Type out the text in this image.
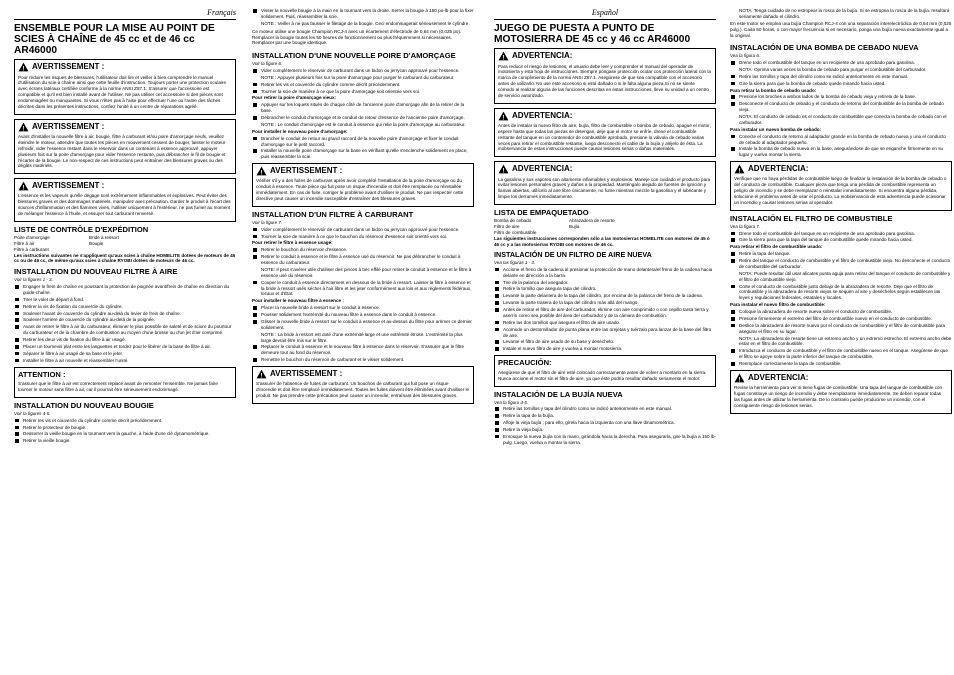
Français
ENSEMBLE POUR LA MISE AU POINT DE SCIES À CHAÎNE de 45 cc et de 46 cc AR46000
! AVERTISSEMENT :

Pour réduire les risques de blessures, l'utilisateur doit lire et veiller à bien comprendre le manuel d'utilisation du scie à chaîne ainsi que cette feuille d'instruction. Toujours porter une protection oculaire avec écrans latéraux certifiée conforme à la norme ANSI Z87.1. S'assurer que l'accessoire est compatible et qu'il est bien installé avant de l'utiliser. Ne pas utiliser cet accessoire si des pièces sont endommagées ou manquantes. Si vous n'êtes pas à l'aise pour effectuer l'une ou l'autre des tâches décrites dans les présentes instructions, confiez l'unité à un centre de réparations agréé.

! AVERTISSEMENT :

Avant d'installer la nouvelle filtre à air, bougie, filtre à carburant et/ou poire d'amorçage neufs, veuillez éteindre le moteur, attendre que toutes les pièces en mouvement cessent de bouger, laisser le moteur refroidir, vider l'essence restant dans le réservoir dans un contenant à essence approuvé, appuyer plusieurs fois sur la poire d'amorçage pour vider l'essence restante, puis débrancher le fil de bougie et l'écarter de la bougie. Le non-respect de ces instructions peut entraîner des blessures graves ou des dégâts matériels.

! AVERTISSEMENT :

L'essence et les vapeurs qu'elle dégage sont extrêmement inflammables et explosives. Peut éviter des blessures graves et des dommages matériels, manipulez avec précaution. Garder le produit à l'écart des sources d'inflammation et des flammes vives, l'utiliser uniquement à l'extérieur, ne pas fumer au moment de mélanger l'essence à l'huile, et essuyer tout carburant renversé.

LISTE DE CONTRÔLE D'EXPÉDITION
Poire d'amorçage	Bride à ressort
Filtre à air	Bougie
Filtre à carburant

Les instructions suivantes ne s'appliquent qu'aux scies à chaîne HOMELITE dotées de moteurs de 45 cc ou de 46 cc, de même qu'aux scies à chaîne RYOBI dotées de moteurs de 46 cc.

INSTALLATION DU NOUVEAU FILTRE À AIRE
Voir la figures 1 - 3.
Engager le frein de chaîne en poussant la protection de poignée avant/frein de chaîne en direction du guide-chaîne.
Tirer le volet de départ à fond.
Retirer la vis de fixation du couvercle du cylindre.
Soulever l'avant de couvercle du cylindre au-delà du levier de frein de chaîne.
Soulever l'arrière de couvercle du cylindre au-delà de la poignée.
Avant de retirer le filtre à air du carburateur, éliminer le plus possible de saleté et de sciure du pourtour du carburateur et de la chambre de combustion au moyen d'une brosse ou d'un jet d'air comprimé.
Retirer les deux vis de fixation du filtre à air usagé.
Placer un tournevis plat entre les languettes et tordez pour le libérer de la base de filtre à air.
Séparer le filtre à air usagé de sa base et le jeter.
Installer le filtre à air nouvelle et réassembler l'unité.
ATTENTION :

S'assurer que le filtre à air est correctement replacé avant de remonter l'ensemble. Ne jamais faire tourner le moteur sans filtre à air, car il pourrait être sérieusement endommagé.

INSTALLATION DU NOUVEAU BOUGIE
Voir la figures 4-5.
Retirer les vis et couvercle du cylindre comme décrit précédemment.
Retirer le protecteur de bougie.
Desserrer la vieille bougie en la tournant vers la gauche, à l'aide d'une clé dynamométrique.
Retirer la vieille bougie.
Visser la nouvelle bougie à la main en la tournant vers la droite. Serrer la bougie à 150 po-lb pour la fixer solidement. Puis, réassembler la scie.

NOTE : Veiller à ne pas fausser le filetage de la bougie. Ceci endommagerait sérieusement le cylindre.

Ce moteur utilise une bougie Champion RCJ-4 avec un écartement d'électrode de 0,64 mm (0,025 po). Remplacer la bougie toutes les 50 heures de fonctionnement ou plus fréquemment si nécessaires. Remplacer par une bougie identique.

INSTALLATION D'UNE NOUVELLE POIRE D'AMORÇAGE
Voir la figure 6.
Vider complètement le réservoir de carburant dans un bidon ou jerrycan approuvé pour l'essence.

NOTE : Appuyer plusieurs fois sur la poire d'amorçage pour purger le carburant du carburateur.

Retirer les vis et couvercle du cylindre comme décrit précédemment.
Tourner la scie de manière à ce que la poire d'amorçage soit orientée vers soi.
Pour retirer la poire d'amorçage vieux:
Appuyer sur les loquets situés de chaque côté de l'ancienne poire d'amorçage afin de la retirer de la base.
Débrancher le conduit d'amorçage et le conduit de retour d'essence de l'ancienne poire d'amorçage.

NOTE : Le conduit d'amorçage est le conduit à essence qui relie la poire d'amorçage au carburateur.

Pour installer le nouveau poire d'amorçage:
Brancher le conduit de retour au grand raccord de la nouvelle poire d'amorçage et fixer le conduit d'amorçage sur le petit raccord.
Installer la nouvelle poire d'amorçage sur la base en vérifiant qu'elle s'enclenche solidement en place, puis réassembler la scie.
! AVERTISSEMENT :

Vérifier s'il y a des fuites de carburant après avoir complété l'installation de la poire d'amorçage ou du conduit à essence. Toute pièce qui fuit pose un risque d'incendie et doit être remplacée ou réinstallée immédiatement. En cas de fuite, corriger le problème avant d'utiliser le produit. Ne pas respecter cette directive peut causer un incendie susceptible d'entraîner des blessures graves.

INSTALLATION D'UN FILTRE À CARBURANT
Voir la figure 7.
Vider complètement le réservoir de carburant dans un bidon ou jerrycan approuvé pour l'essence.
Tourner la scie de manière à ce que le bouchon du réservoir d'essence soit orienté vers soi.
Pour retirer le filtre à essence usagé:
Retirer le bouchon du réservoir d'essence.
Retirer le conduit à essence et le filtre à essence usé du réservoir. Ne pas débrancher le conduit à essence du carburateur.

NOTE: Il peut s'avérer utile d'utiliser des pinces à bec effilé pour retirer le conduit à essence et le filtre à essence usé du réservoir.

Couper le conduit à essence directement en dessous de la bride à ressort. Laisser la filtre à essence et la bride à ressort usés sécher à l'air libre et les jeter conformément aux lois et aux règlements fédéraux, locaux et d'État.
Pour installer le nouveau filtre à essence :
Placer la nouvelle bride à ressort sur le conduit à essence.
Pousser solidement l'extrémité du nouveau filtre à essence dans le conduit à essence.
Glisser la nouvelle bride à ressort sur le conduit à essence et au-dessus du filtre pour arrimer ce dernier solidement.

NOTE : La bride à ressort est doté d'une extrémité large et une extrémité étroite. L'extrémité la plus large devrait être mis sur le filtre.

Replacer le conduit à essence et le nouveau filtre à essence dans le réservoir. S'assurer que le filtre demeure tout au fond du réservoir.
Remettre le bouchon du réservoir de carburant et le visser solidement.
! AVERTISSEMENT :

S'assurer de l'absence de fuites de carburant. Un bouchon de carburant qui fuit pose un risque d'incendie et doit être remplacé immédiatement. Toutes les fuites doivent être éliminées avant d'utiliser le produit. Ne pas prendre cette précaution peut causer un incendie, entraînant des blessures graves.

Español
JUEGO DE PUESTA A PUNTO DE MOTOSIERRA DE 45 cc y 46 cc AR46000
! ADVERTENCIA:

Para reducir el riesgo de lesiones, el usuario debe leer y comprender el manual del operador de motosierra y esta hoja de instrucciones. Siempre póngase protección ocular con protección lateral con la marca de cumplimiento de la norma ANSI Z87.1. Asegúrese de que sea compatible con el accesorio antes de utilizarlo. No use este accesorio si está dañado o si le falta alguna pieza.Si no se siente cómodo al realizar alguna de las funciones descritas en estas instrucciones, lleve su unidad a un centro de servicio autorizado.

! ADVERTENCIA:

Antes de instalar la nuevo filtro de aire, bujía, filtro de combustible o bomba de cebado, apague el motor, espere hasta que todas las piezas se detengan, deje que el motor se enfríe, drene el combustible restante del tanque en un contenedor de combustible aprobado, presione la válvula de cebado varias veces para retirar el combustible restante, luego desconecte el cable de la bujía y aléjelo de ésta. La inobservancia de estas instrucciones puede causar lesiones serias o daños materiales.

! ADVERTENCIA:

La gasolina y sus vapores son altamente inflamables y explosivos. Maneje con cuidado el producto para evitar lesiones personales graves y daños a la propiedad. Manténgalo alejado de fuentes de ignición y llamas abiertas, utilícelo al aire libre únicamente, no fume mientras mezcle la gasolina y el lubricante y limpie los derrames inmediatamente.

LISTA DE EMPAQUETADO
Bomba de cebado	Abrazadera de resorte
Filtro de aire	Bujía
Filtro de combustible

Las siguientes instrucciones corresponden sólo a las motosierras HOMELITE con motores de 45 ó 46 cc y a las motosierras RYOBI con motores de 46 cc.

INSTALACIÓN DE UN FILTRO DE AIRE NUEVA
Vea las figuras 1 - 3.
Accione el freno de la cadena al presionar la protección de mano delantera/el freno de la cadena hacia delante en dirección a la barra.
Tire de la palanca del anegador.
Retire la tornillo que asegura tapa del cilindro.
Levante la parte delantera de la tapa del cilindro, por encima de la palanca del freno de la cadena.
Levante la parte trasera de la tapa del cilindro más allá del mango.
Antes de retirar el filtro de aire del carburador, elimine con aire comprimido o con cepillo tanta tierra y aserrín como sea posible del área del carburador y de la cámara de combustión.
Retire las dos tornillos que asegura el filtro de aire usado.
Acomode un destornillador de punta plana entre las orejetas y tuérzalo para lanzar de la base del filtro de aire.
Levante el filtro de aire usado de su base y deséchelo.
Instale el nuevo filtro de aire y vuelva a montar motosierra.
PRECAUCIÓN:

Asegúrese de que el filtro de aire esté colocado correctamente antes de volver a montarlo en la sierra. Nunca accione el motor sin el filtro de aire, ya que éste podría resultar dañado seriamente el motor.

INSTALACIÓN DE LA BUJÍA NUEVA
Vea la figura 4-5.
Retire las tornillos y tapa del cilindro como se indicó anteriormente en este manual.
Retire la tapa de la bujía.
Afloje la vieja bujía ; para ello, gírela hacia la izquierda con una llave dinamométrica.
Retire la vieja bujía.
Enrosque la nueva bujía con la mano, girándola hacia la derecha. Para asegurarla, gire la bujía a 150 lb-pulg. Luego, vuelva a montar la sierra.

NOTA: Tenga cuidado de no estropear la rosca de la bujía. Si se estropea la rosca de la bujía, resultará seriamente dañado el cilindro.

En este motor se emplea una bujía Champion RCJ-4 con una separación interelectródica de 0,64 mm (0,025 pulg.). Cada 50 horas, o con mayor frecuencia si es necesario, ponga una bujía nueva exactamente igual a la original.

INSTALACIÓN DE UNA BOMBA DE CEBADO NUEVA
Vea la figura 6.
Drene todo el combustible del tanque en un recipiente de uso aprobado para gasolina.

NOTA: Oprima varias veces la bomba de cebado para purgar el combustible del carburador.

Retire las tornillos y tapa del cilindro como se indicó anteriormente en este manual.
Gire la sierra para que la bomba de cebado quede mirando hacia usted.
Para retirar la bomba de cebado usado:
Presione los broches a ambos lados de la bomba de cebado vieja y retírela de la base.
Desconecte el conducto de cebado y el conducto de retorno del combustible de la bomba de cebado vieja.

NOTA: El conducto de cebado es el conducto de combustible que conecta la bomba de cebado con el carburador.

Para instalar un nuevo bomba de cebado:
Conecte el conducto de retorno al adaptador grande en la bomba de cebado nueva y una el conducto de cebado al adaptador pequeño.
Instale la bomba de cebado nueva en la base, asegurándose de que se enganche firmemente en su lugar y vuelva montar la sierra.
! ADVERTENCIA:

Verifique que no haya pérdidas de combustible luego de finalizar la instalación de la bomba de cebado o del conducto de combustible. Cualquier pieza que tenga una pérdida de combustible representa un peligro de incendio y se debe reemplazar o reinstalar inmediatamente. Si encuentra alguna pérdida, solucione el problema antes de usar el producto. La inobservancia de esta advertencia puede ocasionar un incendio y causar lesiones serias al operador.

INSTALACIÓN EL FILTRO DE COMBUSTIBLE
Vea la figura 7.
Drene todo el combustible del tanque en un recipiente de uso aprobado para gasolina.
Gire la sierra para que la tapa del tanque de combustible quede mirando hacia usted.
Para retirar el filtro de combustible usado:
Retire la tapa del tanque.
Retire del tanque el conducto de combustible y el filtro de combustible viejo. No desconecte el conducto de combustible del carburador.

NOTA: Puede resultar útil usar alicates punta aguja para retirar del tanque el conducto de combustible y el filtro de combustible viejo.

Corte el conducto de combustible justo debajo de la abrazadera de resorte. Deje que el filtro de combustible y la abrazadera de resorte viejos se sequen al aire y deséchelos según establecen las leyes y regulaciones federales, estatales y locales.
Para instalar el nuevo filtro de combustible:
Coloque la abrazadera de resorte nueva sobre el conducto de combustible.
Presione firmemente el extremo del filtro de combustible nuevo en el conducto de combustible.
Deslice la abrazadera de resorte nueva por el conducto de combustible y el filtro de combustible para asegurar el filtro en su lugar.

NOTA: La abrazadera de resorte tiene un extremo ancho y un extremo estrecho. El extremo ancho debe estar en el filtro de combustible.

Introduzca el conducto de combustible y el filtro de combustible nuevo en el tanque. Asegúrese de que el filtro se apoye sobre la parte inferior del tanque de combustible.
Reemplace correctamente la tapa de combustible.
! ADVERTENCIA:

Revise la herramienta para ver si tiene fugas de combustible. Una tapa del tanque de combustible con fugas constituye un riesgo de incendio y debe reemplazarse inmediatamente. Se deben reparar todas las fugas antes de utilizar la herramienta. De lo contrario puede producirse un incendio, con el consiguiente riesgo de lesiones serias.
